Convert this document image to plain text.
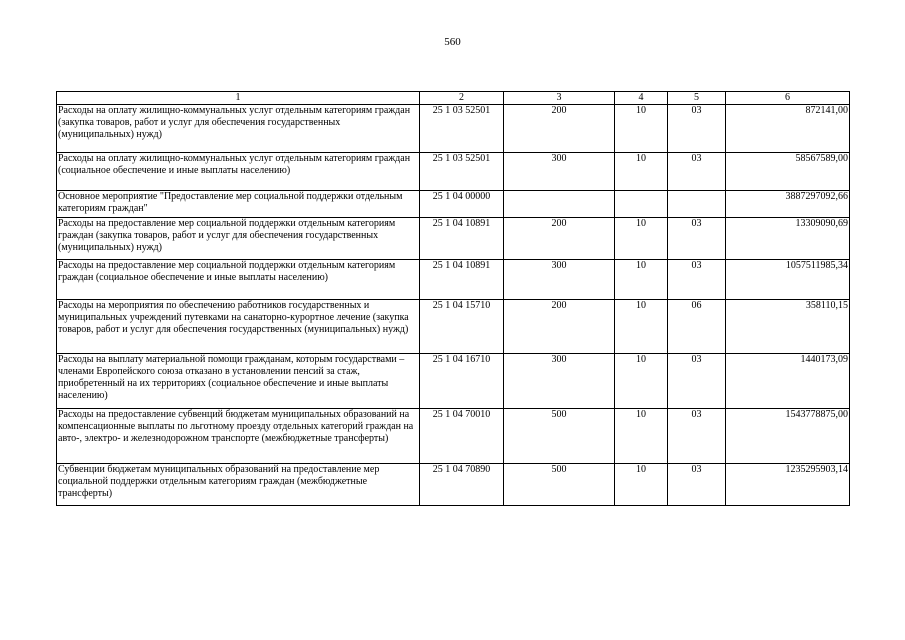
560
1	2	3	4	5	6
Расходы на оплату жилищно-коммунальных услуг отдельным категориям граждан (закупка товаров, работ и услуг для обеспечения государственных (муниципальных) нужд)	25 1 03 52501	200	10	03	872141,00
Расходы на оплату жилищно-коммунальных услуг отдельным категориям граждан (социальное обеспечение и иные выплаты населению)	25 1 03 52501	300	10	03	58567589,00
Основное мероприятие "Предоставление мер социальной поддержки отдельным категориям граждан"	25 1 04 00000				3887297092,66
Расходы на предоставление мер социальной поддержки отдельным категориям граждан (закупка товаров, работ и услуг для обеспечения государственных (муниципальных) нужд)	25 1 04 10891	200	10	03	13309090,69
Расходы на предоставление мер социальной поддержки отдельным категориям граждан (социальное обеспечение и иные выплаты населению)	25 1 04 10891	300	10	03	1057511985,34
Расходы на мероприятия по обеспечению работников государственных и муниципальных учреждений путевками на санаторно-курортное лечение (закупка товаров, работ и услуг для обеспечения государственных (муниципальных) нужд)	25 1 04 15710	200	10	06	358110,15
Расходы на выплату материальной помощи гражданам, которым государствами – членами Европейского союза отказано в установлении пенсий за стаж, приобретенный на их территориях (социальное обеспечение и иные выплаты населению)	25 1 04 16710	300	10	03	1440173,09
Расходы на предоставление субвенций бюджетам муниципальных образований на компенсационные выплаты по льготному проезду отдельных категорий граждан на авто-, электро- и железнодорожном транспорте (межбюджетные трансферты)	25 1 04 70010	500	10	03	1543778875,00
Субвенции бюджетам муниципальных образований на предоставление мер социальной поддержки отдельным категориям граждан (межбюджетные трансферты)	25 1 04 70890	500	10	03	1235295903,14
